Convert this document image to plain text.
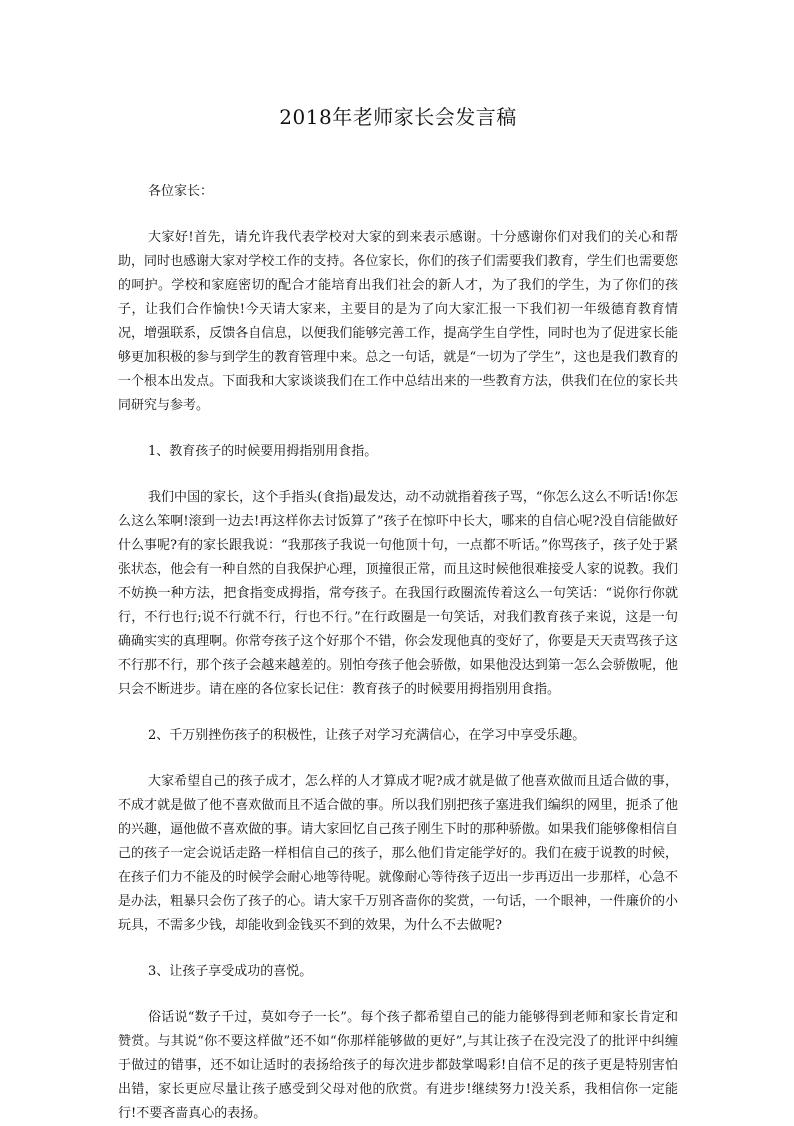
2018年老师家长会发言稿

各位家长：

大家好!首先，请允许我代表学校对大家的到来表示感谢。十分感谢你们对我们的关心和帮助，同时也感谢大家对学校工作的支持。各位家长，你们的孩子们需要我们教育，学生们也需要您的呵护。学校和家庭密切的配合才能培育出我们社会的新人才，为了我们的学生，为了你们的孩子，让我们合作愉快!今天请大家来，主要目的是为了向大家汇报一下我们初一年级德育教育情况，增强联系，反馈各自信息，以便我们能够完善工作，提高学生自学性，同时也为了促进家长能够更加积极的参与到学生的教育管理中来。总之一句话，就是“一切为了学生”，这也是我们教育的一个根本出发点。下面我和大家谈谈我们在工作中总结出来的一些教育方法，供我们在位的家长共同研究与参考。

1、教育孩子的时候要用拇指别用食指。

我们中国的家长，这个手指头(食指)最发达，动不动就指着孩子骂，“你怎么这么不听话!你怎么这么笨啊!滚到一边去!再这样你去讨饭算了”孩子在惊吓中长大，哪来的自信心呢?没自信能做好什么事呢?有的家长跟我说：“我那孩子我说一句他顶十句，一点都不听话。”你骂孩子，孩子处于紧张状态，他会有一种自然的自我保护心理，顶撞很正常，而且这时候他很难接受人家的说教。我们不妨换一种方法，把食指变成拇指，常夸孩子。在我国行政圈流传着这么一句笑话：“说你行你就行，不行也行;说不行就不行，行也不行。”在行政圈是一句笑话，对我们教育孩子来说，这是一句确确实实的真理啊。你常夸孩子这个好那个不错，你会发现他真的变好了，你要是天天责骂孩子这不行那不行，那个孩子会越来越差的。别怕夸孩子他会骄傲，如果他没达到第一怎么会骄傲呢，他只会不断进步。请在座的各位家长记住：教育孩子的时候要用拇指别用食指。

2、千万别挫伤孩子的积极性，让孩子对学习充满信心，在学习中享受乐趣。

大家希望自己的孩子成才，怎么样的人才算成才呢?成才就是做了他喜欢做而且适合做的事，不成才就是做了他不喜欢做而且不适合做的事。所以我们别把孩子塞进我们编织的网里，扼杀了他的兴趣，逼他做不喜欢做的事。请大家回忆自己孩子刚生下时的那种骄傲。如果我们能够像相信自己的孩子一定会说话走路一样相信自己的孩子，那么他们肯定能学好的。我们在疲于说教的时候，在孩子们力不能及的时候学会耐心地等待呢。就像耐心等待孩子迈出一步再迈出一步那样，心急不是办法，粗暴只会伤了孩子的心。请大家千万别吝啬你的奖赏，一句话，一个眼神，一件廉价的小玩具，不需多少钱，却能收到金钱买不到的效果，为什么不去做呢?

3、让孩子享受成功的喜悦。

俗话说“数子千过，莫如夸子一长”。每个孩子都希望自己的能力能够得到老师和家长肯定和赞赏。与其说“你不要这样做”还不如“你那样能够做的更好”,与其让孩子在没完没了的批评中纠缠于做过的错事，还不如让适时的表扬给孩子的每次进步都鼓掌喝彩!自信不足的孩子更是特别害怕出错，家长更应尽量让孩子感受到父母对他的欣赏。有进步!继续努力!没关系，我相信你一定能行!不要吝啬真心的表扬。
